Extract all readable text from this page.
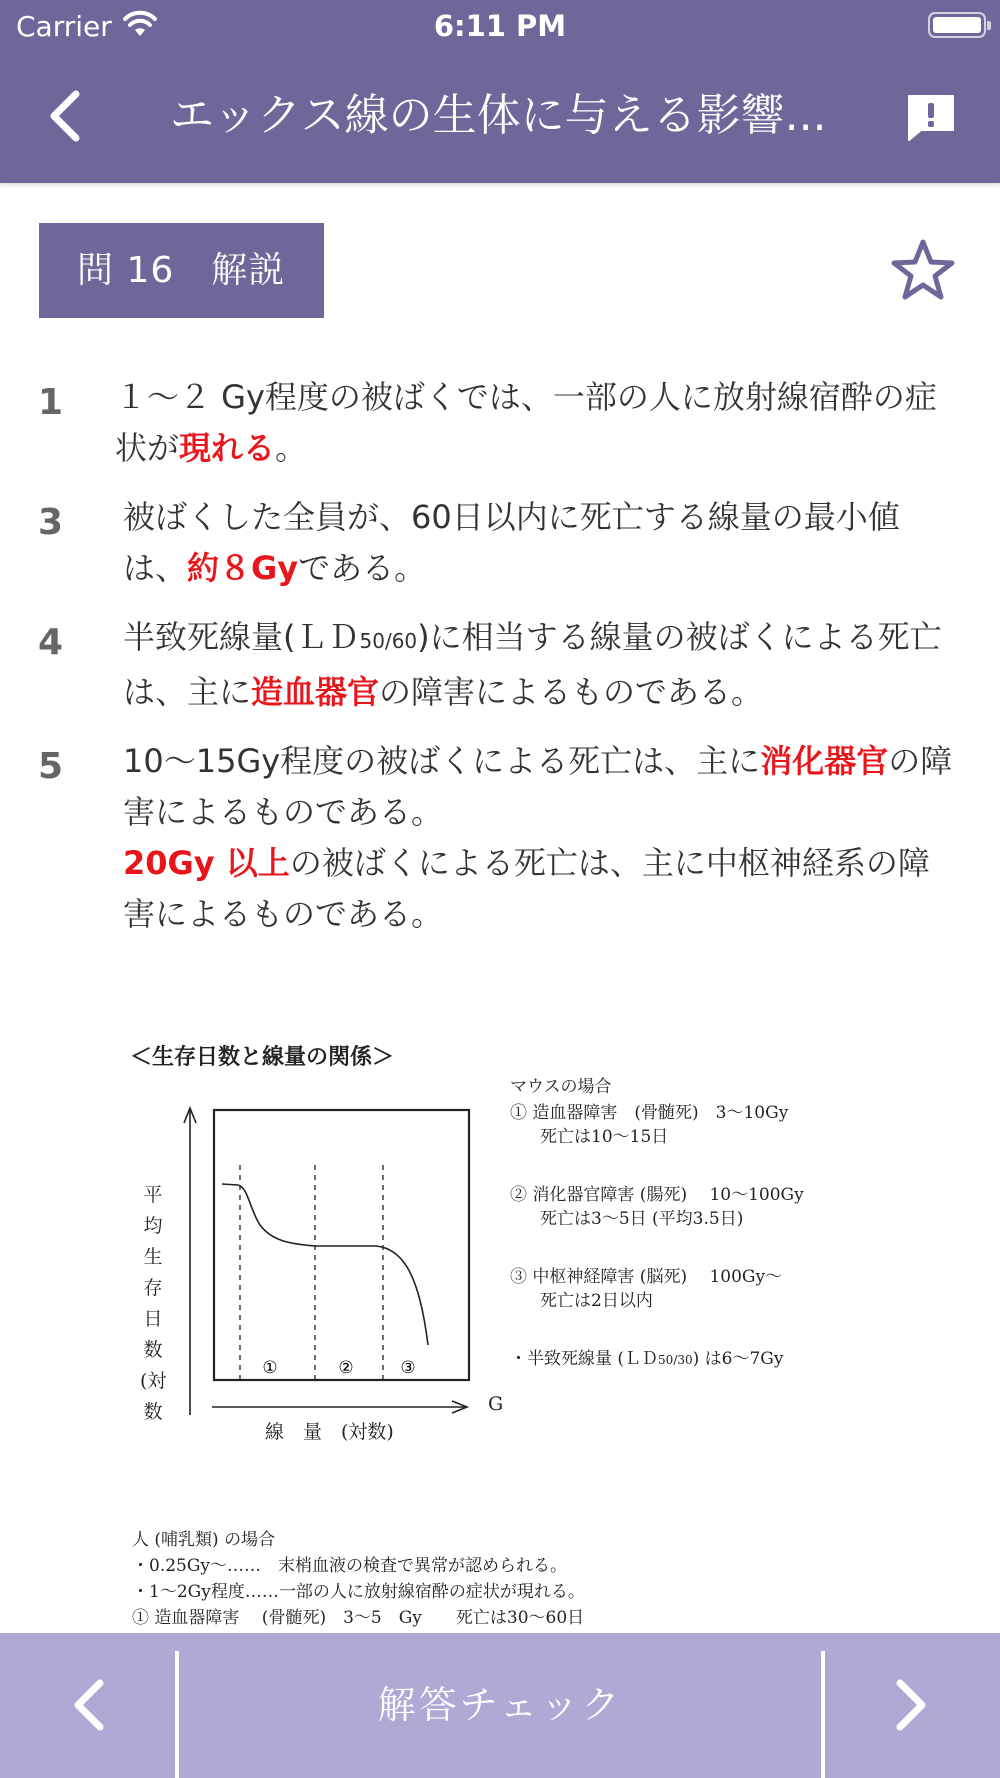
Carrier	6:11 PM
エックス線の生体に与える影響...
問 16　解説
1 １～２ Gy程度の被ばくでは、一部の人に放射線宿酔の症状が現れる。
3 被ばくした全員が、60日以内に死亡する線量の最小値は、約８Gyである。
4 半致死線量(ＬＤ50/60)に相当する線量の被ばくによる死亡は、主に造血器官の障害によるものである。
5 10～15Gy程度の被ばくによる死亡は、主に消化器官の障害によるものである。
20Gy 以上の被ばくによる死亡は、主に中枢神経系の障害によるものである。
＜生存日数と線量の関係＞
平
均
生
存
日
数
(対
数
①	②	③
G
線　量　(対数)
マウスの場合
① 造血器障害　(骨髄死)　3～10Gy
死亡は10～15日
② 消化器官障害 (腸死)　 10～100Gy
死亡は3～5日 (平均3.5日)
③ 中枢神経障害 (脳死)　 100Gy～
死亡は2日以内
・半致死線量 (ＬＤ50/30) は6～7Gy
人 (哺乳類) の場合
・0.25Gy～……　末梢血液の検査で異常が認められる。
・1～2Gy程度……一部の人に放射線宿酔の症状が現れる。
① 造血器障害　 (骨髄死)　3～5　Gy　　死亡は30～60日
解答チェック
